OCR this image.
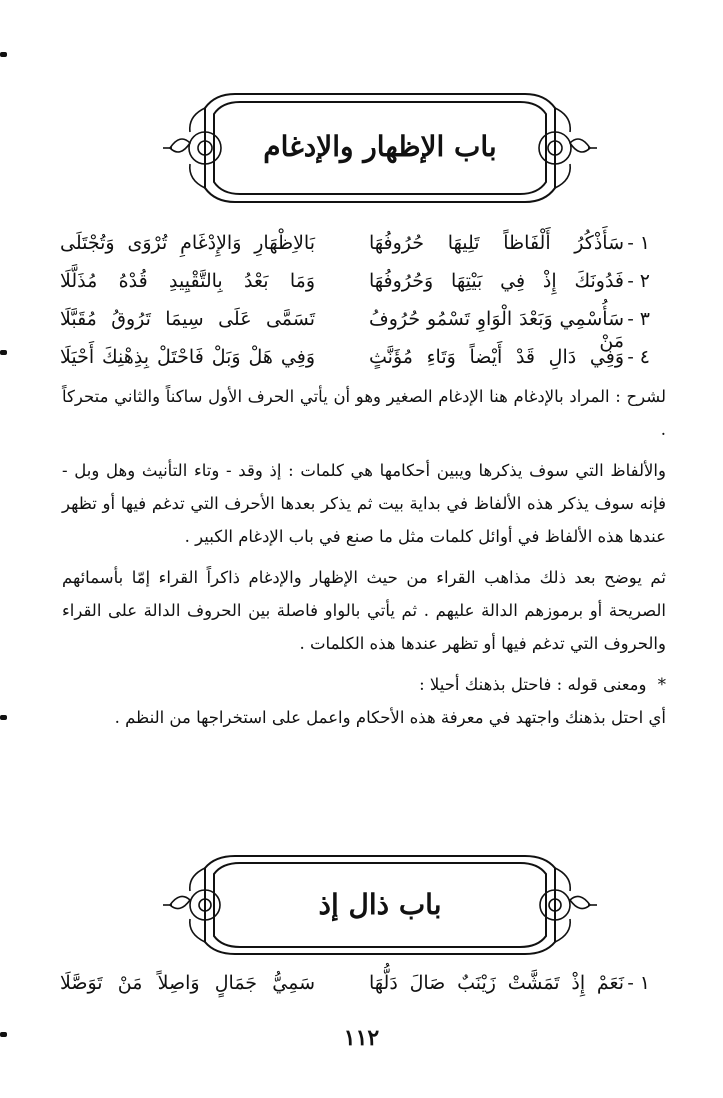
باب الإظهار والإدغام
١ -
سَأَذْكُرُ أَلْفَاظاً تَلِيهَا حُرُوفُهَا
بَالاِظْهَارِ وَالإِدْغَامِ تُرْوَى وَتُجْتَلَى
٢ -
فَدُونَكَ إِذْ فِي بَيْتِهَا وَحُرُوفُهَا
وَمَا بَعْدُ بِالتَّقْيِيدِ قُدْهُ مُذَلَّلَا
٣ -
سَأُسْمِي وَبَعْدَ الْوَاوِ تَسْمُو حُرُوفُ مَنْ
تَسَمَّى عَلَى سِيمَا تَرُوقُ مُقَبَّلَا
٤ -
وَفِي دَالِ قَدْ أَيْضاً وَتَاءِ مُؤَنَّثٍ
وَفِي هَلْ وَبَلْ فَاحْتَلْ بِذِهْنِكَ أَحْيَلَا

لشرح : المراد بالإدغام هنا الإدغام الصغير وهو أن يأتي الحرف الأول ساكناً والثاني متحركاً .

والألفاظ التي سوف يذكرها ويبين أحكامها هي كلمات : إذ وقد - وتاء التأنيث وهل وبل - فإنه سوف يذكر هذه الألفاظ في بداية بيت ثم يذكر بعدها الأحرف التي تدغم فيها أو تظهر عندها هذه الألفاظ في أوائل كلمات مثل ما صنع في باب الإدغام الكبير .

ثم يوضح بعد ذلك مذاهب القراء من حيث الإظهار والإدغام ذاكراً القراء إمّا بأسمائهم الصريحة أو برموزهم الدالة عليهم . ثم يأتي بالواو فاصلة بين الحروف الدالة على القراء والحروف التي تدغم فيها أو تظهر عندها هذه الكلمات .

* ومعنى قوله : فاحتل بذهنك أحيلا :

أي احتل بذهنك واجتهد في معرفة هذه الأحكام واعمل على استخراجها من النظم .

باب ذال إذ
١ -
نَعَمْ إِذْ تَمَشَّتْ زَيْنَبٌ صَالَ دَلُّهَا
سَمِيُّ جَمَالٍ وَاصِلاً مَنْ تَوَصَّلَا
١١٢
